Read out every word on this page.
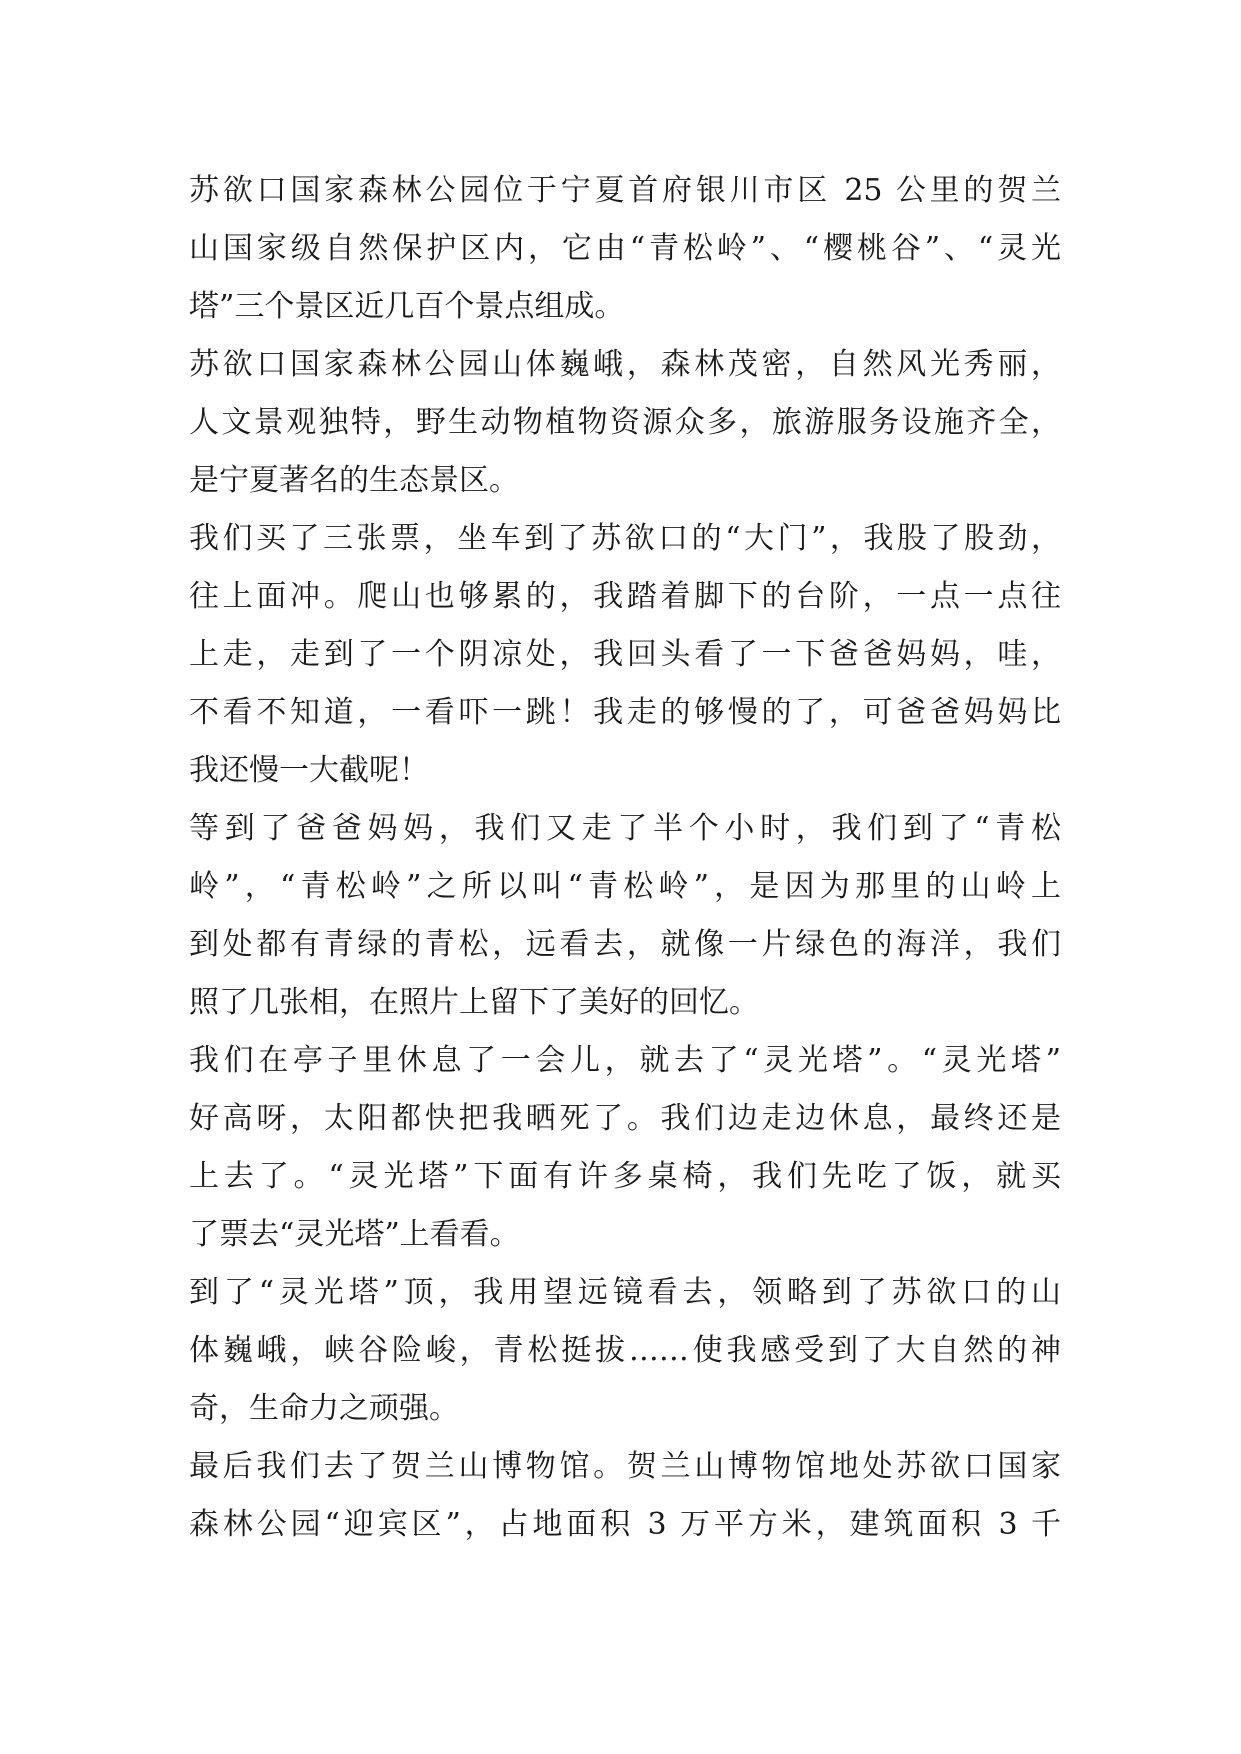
苏欲口国家森林公园位于宁夏首府银川市区 25 公里的贺兰
山国家级自然保护区内，它由“青松岭”、“樱桃谷”、“灵光
塔”三个景区近几百个景点组成。

苏欲口国家森林公园山体巍峨，森林茂密，自然风光秀丽，
人文景观独特，野生动物植物资源众多，旅游服务设施齐全，
是宁夏著名的生态景区。

我们买了三张票，坐车到了苏欲口的“大门”，我股了股劲，
往上面冲。爬山也够累的，我踏着脚下的台阶，一点一点往
上走，走到了一个阴凉处，我回头看了一下爸爸妈妈，哇，
不看不知道，一看吓一跳！我走的够慢的了，可爸爸妈妈比
我还慢一大截呢！

等到了爸爸妈妈，我们又走了半个小时，我们到了“青松
岭”，“青松岭”之所以叫“青松岭”，是因为那里的山岭上
到处都有青绿的青松，远看去，就像一片绿色的海洋，我们
照了几张相，在照片上留下了美好的回忆。

我们在亭子里休息了一会儿，就去了“灵光塔”。“灵光塔”
好高呀，太阳都快把我晒死了。我们边走边休息，最终还是
上去了。“灵光塔”下面有许多桌椅，我们先吃了饭，就买
了票去“灵光塔”上看看。

到了“灵光塔”顶，我用望远镜看去，领略到了苏欲口的山
体巍峨，峡谷险峻，青松挺拔……使我感受到了大自然的神
奇，生命力之顽强。

最后我们去了贺兰山博物馆。贺兰山博物馆地处苏欲口国家
森林公园“迎宾区”，占地面积 3 万平方米，建筑面积 3 千
